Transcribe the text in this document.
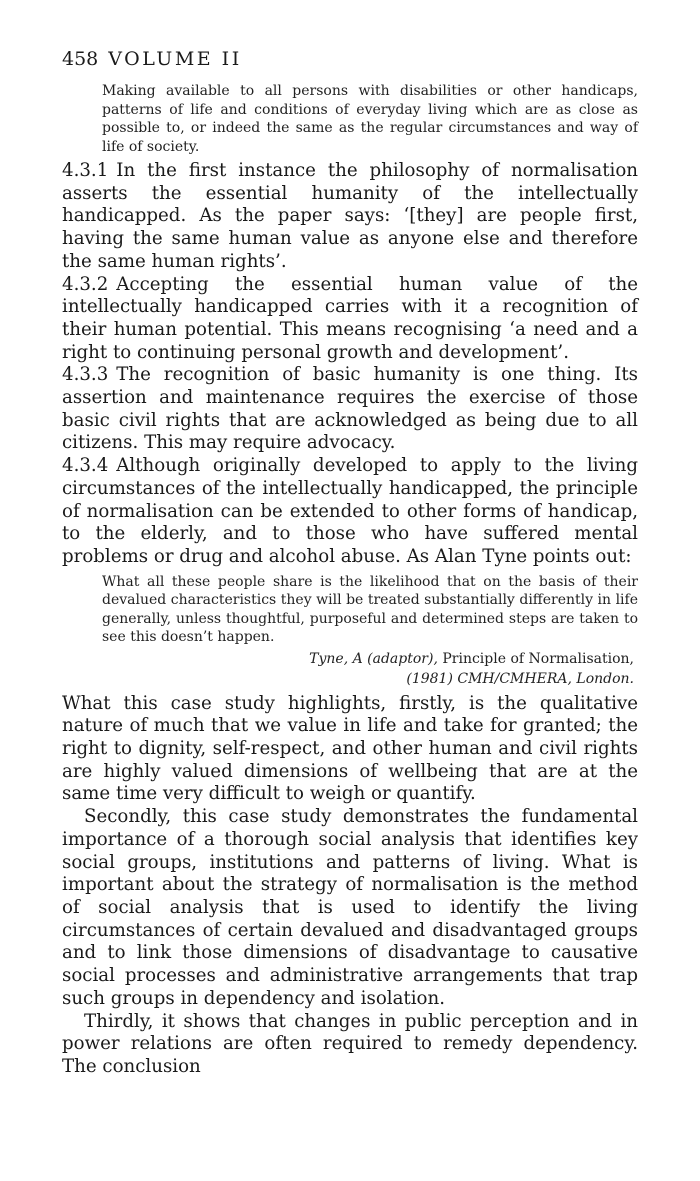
458 VOLUME II

Making available to all persons with disabilities or other handicaps, patterns of life and conditions of everyday living which are as close as possible to, or indeed the same as the regular circumstances and way of life of society.

4.3.1 In the first instance the philosophy of normalisation asserts the essential humanity of the intellectually handicapped. As the paper says: ‘[they] are people first, having the same human value as anyone else and therefore the same human rights’.

4.3.2 Accepting the essential human value of the intellectually handicapped carries with it a recognition of their human potential. This means recognising ‘a need and a right to continuing personal growth and development’.

4.3.3 The recognition of basic humanity is one thing. Its assertion and maintenance requires the exercise of those basic civil rights that are acknowledged as being due to all citizens. This may require advocacy.

4.3.4 Although originally developed to apply to the living circumstances of the intellectually handicapped, the principle of normalisation can be extended to other forms of handicap, to the elderly, and to those who have suffered mental problems or drug and alcohol abuse. As Alan Tyne points out:

What all these people share is the likelihood that on the basis of their devalued characteristics they will be treated substantially differently in life generally, unless thoughtful, purposeful and determined steps are taken to see this doesn’t happen.

Tyne, A (adaptor), Principle of Normalisation,
(1981) CMH/CMHERA, London.

What this case study highlights, firstly, is the qualitative nature of much that we value in life and take for granted; the right to dignity, self-respect, and other human and civil rights are highly valued dimensions of wellbeing that are at the same time very difficult to weigh or quantify.

Secondly, this case study demonstrates the fundamental importance of a thorough social analysis that identifies key social groups, institutions and patterns of living. What is important about the strategy of normalisation is the method of social analysis that is used to identify the living circumstances of certain devalued and disadvantaged groups and to link those dimensions of disadvantage to causative social processes and administrative arrangements that trap such groups in dependency and isolation.

Thirdly, it shows that changes in public perception and in power relations are often required to remedy dependency. The conclusion
